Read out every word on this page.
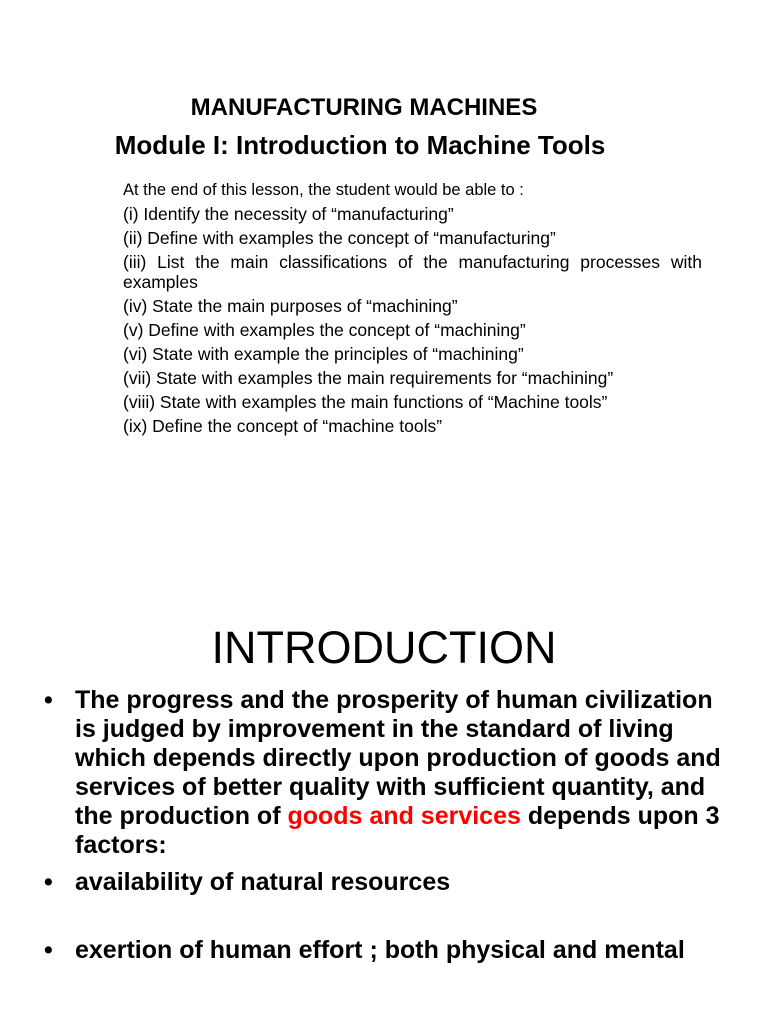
MANUFACTURING MACHINES
Module I: Introduction to Machine Tools
At the end of this lesson, the student would be able to :
(i) Identify the necessity of “manufacturing”
(ii) Define with examples the concept of “manufacturing”
(iii) List the main classifications of the manufacturing processes with examples
(iv) State the main purposes of “machining”
(v) Define with examples the concept of “machining”
(vi) State with example the principles of “machining”
(vii) State with examples the main requirements for “machining”
(viii) State with examples the main functions of “Machine tools”
(ix) Define the concept of “machine tools”
INTRODUCTION
• The progress and the prosperity of human civilization is judged by improvement in the standard of living which depends directly upon production of goods and services of better quality with sufficient quantity, and the production of goods and services depends upon 3 factors:
• availability of natural resources
• exertion of human effort ; both physical and mental
